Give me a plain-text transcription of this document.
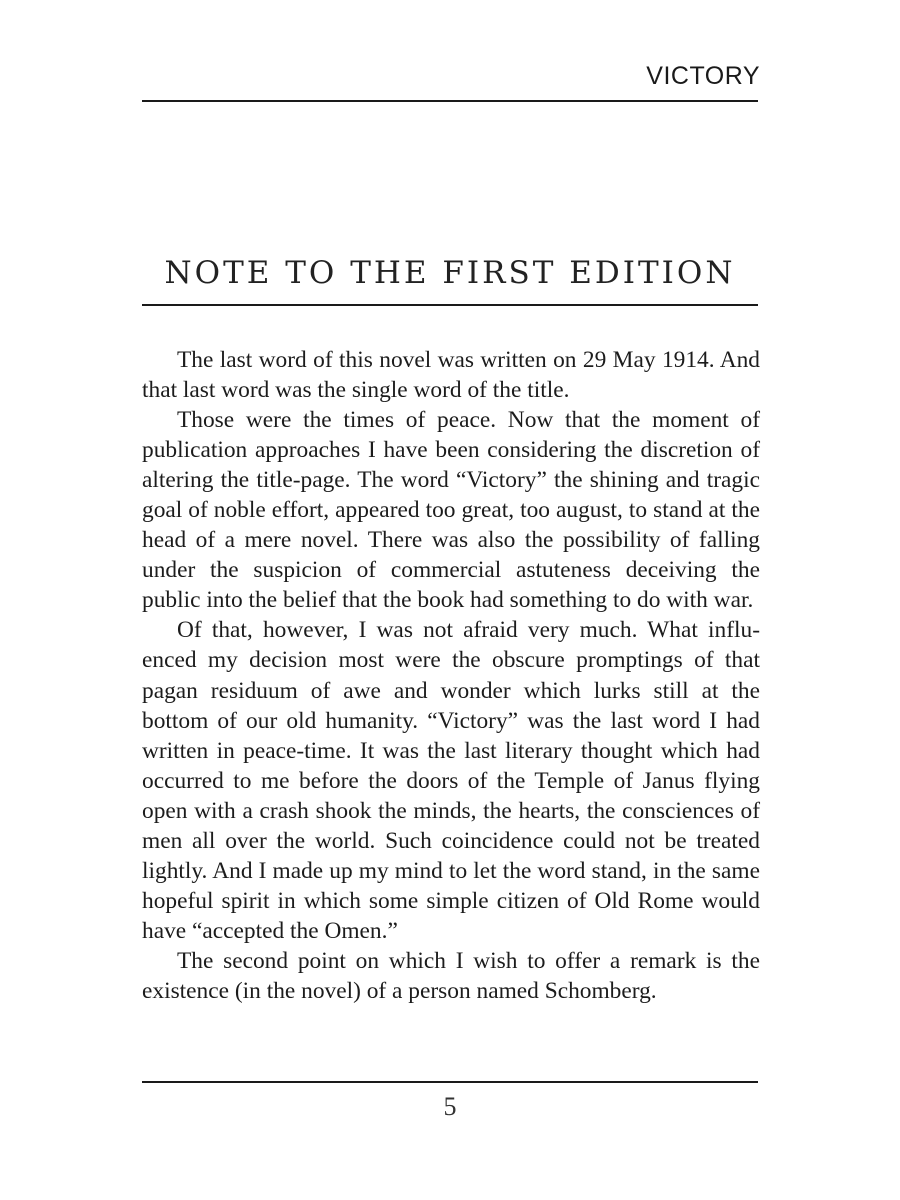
VICTORY
NOTE TO THE FIRST EDITION

The last word of this novel was written on 29 May 1914. And that last word was the single word of the title.

Those were the times of peace. Now that the moment of publication approaches I have been considering the discretion of altering the title-page. The word “Victory” the shining and tragic goal of noble effort, appeared too great, too august, to stand at the head of a mere novel. There was also the possibility of falling under the suspicion of commercial astuteness deceiving the public into the belief that the book had something to do with war.

Of that, however, I was not afraid very much. What influenced my decision most were the obscure promptings of that pagan residuum of awe and wonder which lurks still at the bottom of our old humanity. “Victory” was the last word I had written in peace-time. It was the last literary thought which had occurred to me before the doors of the Temple of Janus flying open with a crash shook the minds, the hearts, the consciences of men all over the world. Such coincidence could not be treated lightly. And I made up my mind to let the word stand, in the same hopeful spirit in which some simple citizen of Old Rome would have “accepted the Omen.”

The second point on which I wish to offer a remark is the existence (in the novel) of a person named Schomberg.

5
